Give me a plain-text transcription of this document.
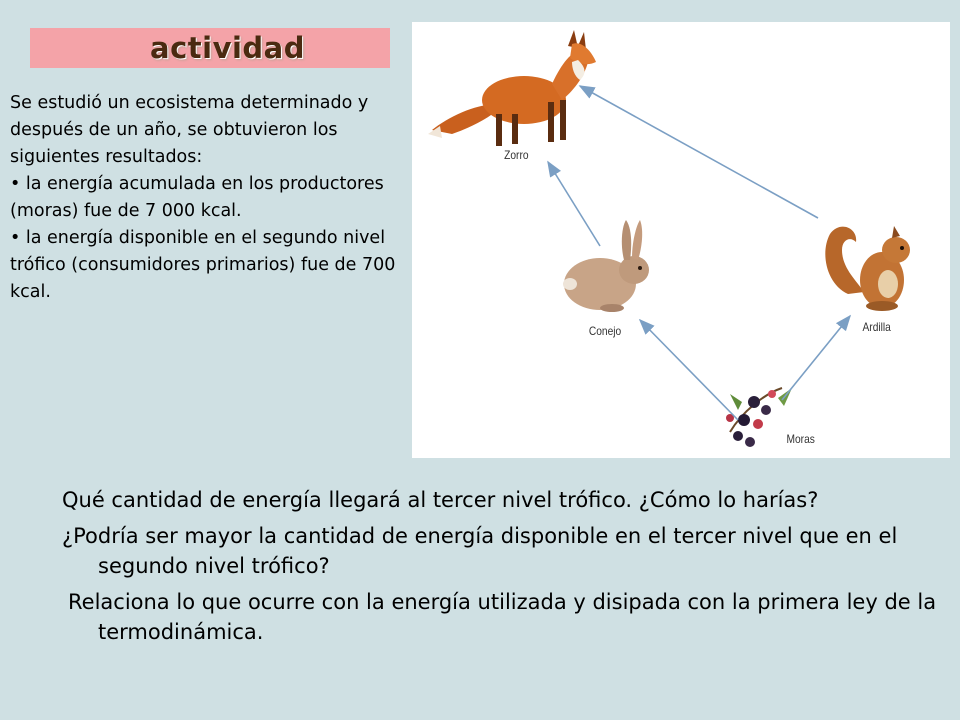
actividad

Se estudió un ecosistema determinado y después de un año, se obtuvieron los siguientes resultados:

• la energía acumulada en los productores (moras) fue de 7 000 kcal.

• la energía disponible en el segundo nivel trófico (consumidores primarios) fue de 700 kcal.

Zorro
Conejo	Ardilla
Moras

Qué cantidad de energía llegará al tercer nivel trófico. ¿Cómo lo harías?

¿Podría ser mayor la cantidad de energía disponible en el tercer nivel que en el segundo nivel trófico?

Relaciona lo que ocurre con la energía utilizada y disipada con la primera ley de la termodinámica.
